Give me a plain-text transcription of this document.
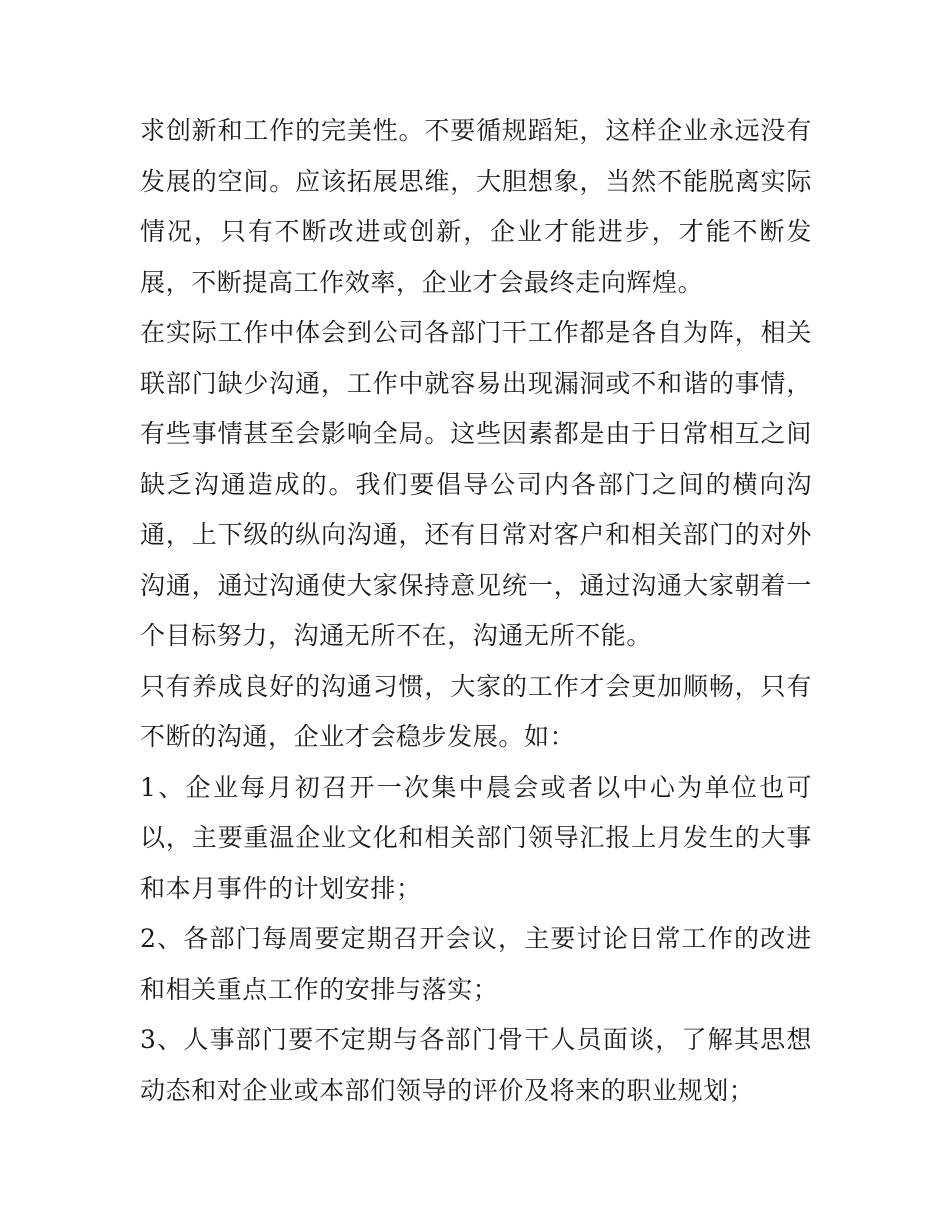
求创新和工作的完美性。不要循规蹈矩，这样企业永远没有发展的空间。应该拓展思维，大胆想象，当然不能脱离实际情况，只有不断改进或创新，企业才能进步，才能不断发展，不断提高工作效率，企业才会最终走向辉煌。

在实际工作中体会到公司各部门干工作都是各自为阵，相关联部门缺少沟通，工作中就容易出现漏洞或不和谐的事情，有些事情甚至会影响全局。这些因素都是由于日常相互之间缺乏沟通造成的。我们要倡导公司内各部门之间的横向沟通，上下级的纵向沟通，还有日常对客户和相关部门的对外沟通，通过沟通使大家保持意见统一，通过沟通大家朝着一个目标努力，沟通无所不在，沟通无所不能。

只有养成良好的沟通习惯，大家的工作才会更加顺畅，只有不断的沟通，企业才会稳步发展。如：

1、企业每月初召开一次集中晨会或者以中心为单位也可以，主要重温企业文化和相关部门领导汇报上月发生的大事和本月事件的计划安排；

2、各部门每周要定期召开会议，主要讨论日常工作的改进和相关重点工作的安排与落实；

3、人事部门要不定期与各部门骨干人员面谈，了解其思想动态和对企业或本部们领导的评价及将来的职业规划；
